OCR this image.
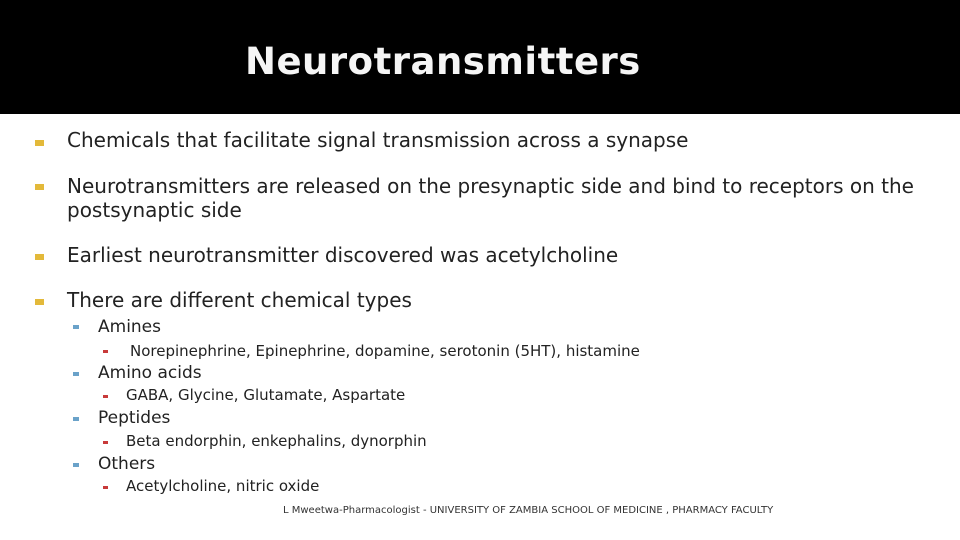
Neurotransmitters
Chemicals that facilitate signal transmission across a synapse
Neurotransmitters are released on the presynaptic side and bind to receptors on the postsynaptic side
Earliest neurotransmitter discovered was acetylcholine
There are different chemical types
Amines
Norepinephrine, Epinephrine, dopamine, serotonin (5HT), histamine
Amino acids
GABA, Glycine, Glutamate, Aspartate
Peptides
Beta endorphin, enkephalins, dynorphin
Others
Acetylcholine, nitric oxide
L Mweetwa-Pharmacologist - UNIVERSITY OF ZAMBIA SCHOOL OF MEDICINE , PHARMACY FACULTY
